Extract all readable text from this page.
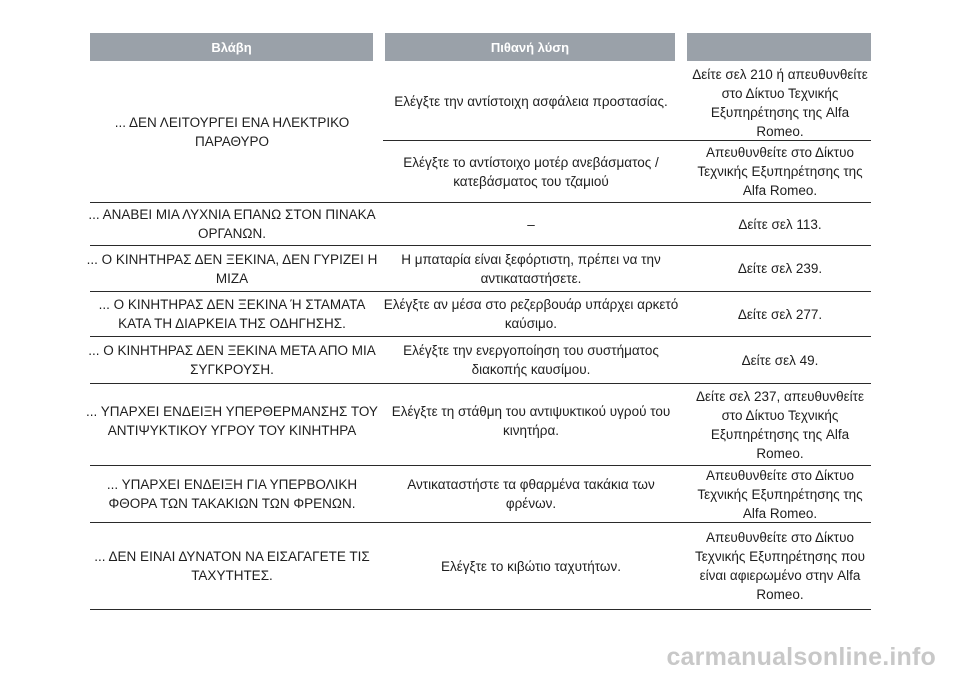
Βλάβη	Πιθανή λύση
... ΔΕΝ ΛΕΙΤΟΥΡΓΕΙ ΕΝΑ ΗΛΕΚΤΡΙΚΟ ΠΑΡΑΘΥΡΟ
Ελέγξτε την αντίστοιχη ασφάλεια προστασίας.
Δείτε σελ 210 ή απευθυνθείτε στο Δίκτυο Τεχνικής Εξυπηρέτησης της Alfa Romeo.
Ελέγξτε το αντίστοιχο μοτέρ ανεβάσματος / κατεβάσματος του τζαμιού
Απευθυνθείτε στο Δίκτυο Τεχνικής Εξυπηρέτησης της Alfa Romeo.
... ΑΝΑΒΕΙ ΜΙΑ ΛΥΧΝΙΑ ΕΠΑΝΩ ΣΤΟΝ ΠΙΝΑΚΑ ΟΡΓΑΝΩΝ.
–	Δείτε σελ 113.
... Ο ΚΙΝΗΤΗΡΑΣ ΔΕΝ ΞΕΚΙΝΑ, ΔΕΝ ΓΥΡΙΖΕΙ Η ΜΙΖΑ
Η μπαταρία είναι ξεφόρτιστη, πρέπει να την αντικαταστήσετε.
Δείτε σελ 239.
... Ο ΚΙΝΗΤΗΡΑΣ ΔΕΝ ΞΕΚΙΝΑ Ή ΣΤΑΜΑΤΑ ΚΑΤΑ ΤΗ ΔΙΑΡΚΕΙΑ ΤΗΣ ΟΔΗΓΗΣΗΣ.
Ελέγξτε αν μέσα στο ρεζερβουάρ υπάρχει αρκετό καύσιμο.
Δείτε σελ 277.
... Ο ΚΙΝΗΤΗΡΑΣ ΔΕΝ ΞΕΚΙΝΑ ΜΕΤΑ ΑΠΟ ΜΙΑ ΣΥΓΚΡΟΥΣΗ.
Ελέγξτε την ενεργοποίηση του συστήματος διακοπής καυσίμου.
Δείτε σελ 49.
... ΥΠΑΡΧΕΙ ΕΝΔΕΙΞΗ ΥΠΕΡΘΕΡΜΑΝΣΗΣ ΤΟΥ ΑΝΤΙΨΥΚΤΙΚΟΥ ΥΓΡΟΥ ΤΟΥ ΚΙΝΗΤΗΡΑ
Ελέγξτε τη στάθμη του αντιψυκτικού υγρού του κινητήρα.
Δείτε σελ 237, απευθυνθείτε στο Δίκτυο Τεχνικής Εξυπηρέτησης της Alfa Romeo.
... ΥΠΑΡΧΕΙ ΕΝΔΕΙΞΗ ΓΙΑ ΥΠΕΡΒΟΛΙΚΗ ΦΘΟΡΑ ΤΩΝ ΤΑΚΑΚΙΩΝ ΤΩΝ ΦΡΕΝΩΝ.
Αντικαταστήστε τα φθαρμένα τακάκια των φρένων.
Απευθυνθείτε στο Δίκτυο Τεχνικής Εξυπηρέτησης της Alfa Romeo.
... ΔΕΝ ΕΙΝΑΙ ΔΥΝΑΤΟΝ ΝΑ ΕΙΣΑΓΑΓΕΤΕ ΤΙΣ ΤΑΧΥΤΗΤΕΣ.
Ελέγξτε το κιβώτιο ταχυτήτων.
Απευθυνθείτε στο Δίκτυο Τεχνικής Εξυπηρέτησης που είναι αφιερωμένο στην Alfa Romeo.
carmanualsonline.info
